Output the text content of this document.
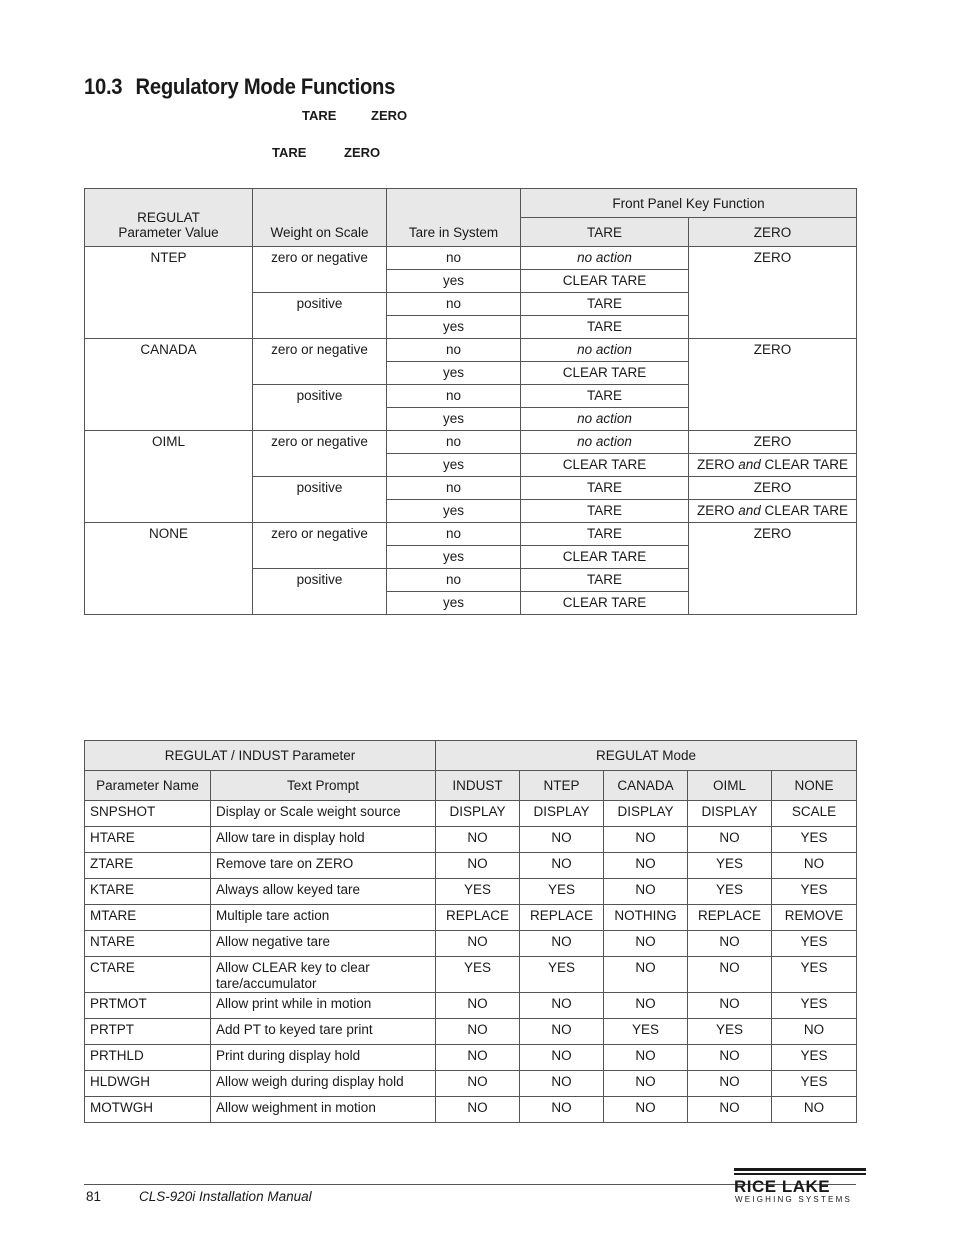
10.3 Regulatory Mode Functions
TARE	ZERO
TARE	ZERO
REGULAT
Parameter Value	Weight on Scale	Tare in System	Front Panel Key Function	
			TARE	ZERO
NTEP	zero or negative	no	no action	ZERO
		yes	CLEAR TARE	
	positive	no	TARE	
		yes	TARE	
CANADA	zero or negative	no	no action	ZERO
		yes	CLEAR TARE	
	positive	no	TARE	
		yes	no action	
OIML	zero or negative	no	no action	ZERO
		yes	CLEAR TARE	ZERO and CLEAR TARE
	positive	no	TARE	ZERO
		yes	TARE	ZERO and CLEAR TARE
NONE	zero or negative	no	TARE	ZERO
		yes	CLEAR TARE	
	positive	no	TARE	
		yes	CLEAR TARE	
REGULAT / INDUST Parameter		REGULAT Mode				
Parameter Name	Text Prompt	INDUST	NTEP	CANADA	OIML	NONE
SNPSHOT	Display or Scale weight source	DISPLAY	DISPLAY	DISPLAY	DISPLAY	SCALE
HTARE	Allow tare in display hold	NO	NO	NO	NO	YES
ZTARE	Remove tare on ZERO	NO	NO	NO	YES	NO
KTARE	Always allow keyed tare	YES	YES	NO	YES	YES
MTARE	Multiple tare action	REPLACE	REPLACE	NOTHING	REPLACE	REMOVE
NTARE	Allow negative tare	NO	NO	NO	NO	YES
CTARE	Allow CLEAR key to clear tare/accumulator	YES	YES	NO	NO	YES
PRTMOT	Allow print while in motion	NO	NO	NO	NO	YES
PRTPT	Add PT to keyed tare print	NO	NO	YES	YES	NO
PRTHLD	Print during display hold	NO	NO	NO	NO	YES
HLDWGH	Allow weigh during display hold	NO	NO	NO	NO	YES
MOTWGH	Allow weighment in motion	NO	NO	NO	NO	NO
81	CLS-920i Installation Manual
RICE LAKE
WEIGHING SYSTEMS
